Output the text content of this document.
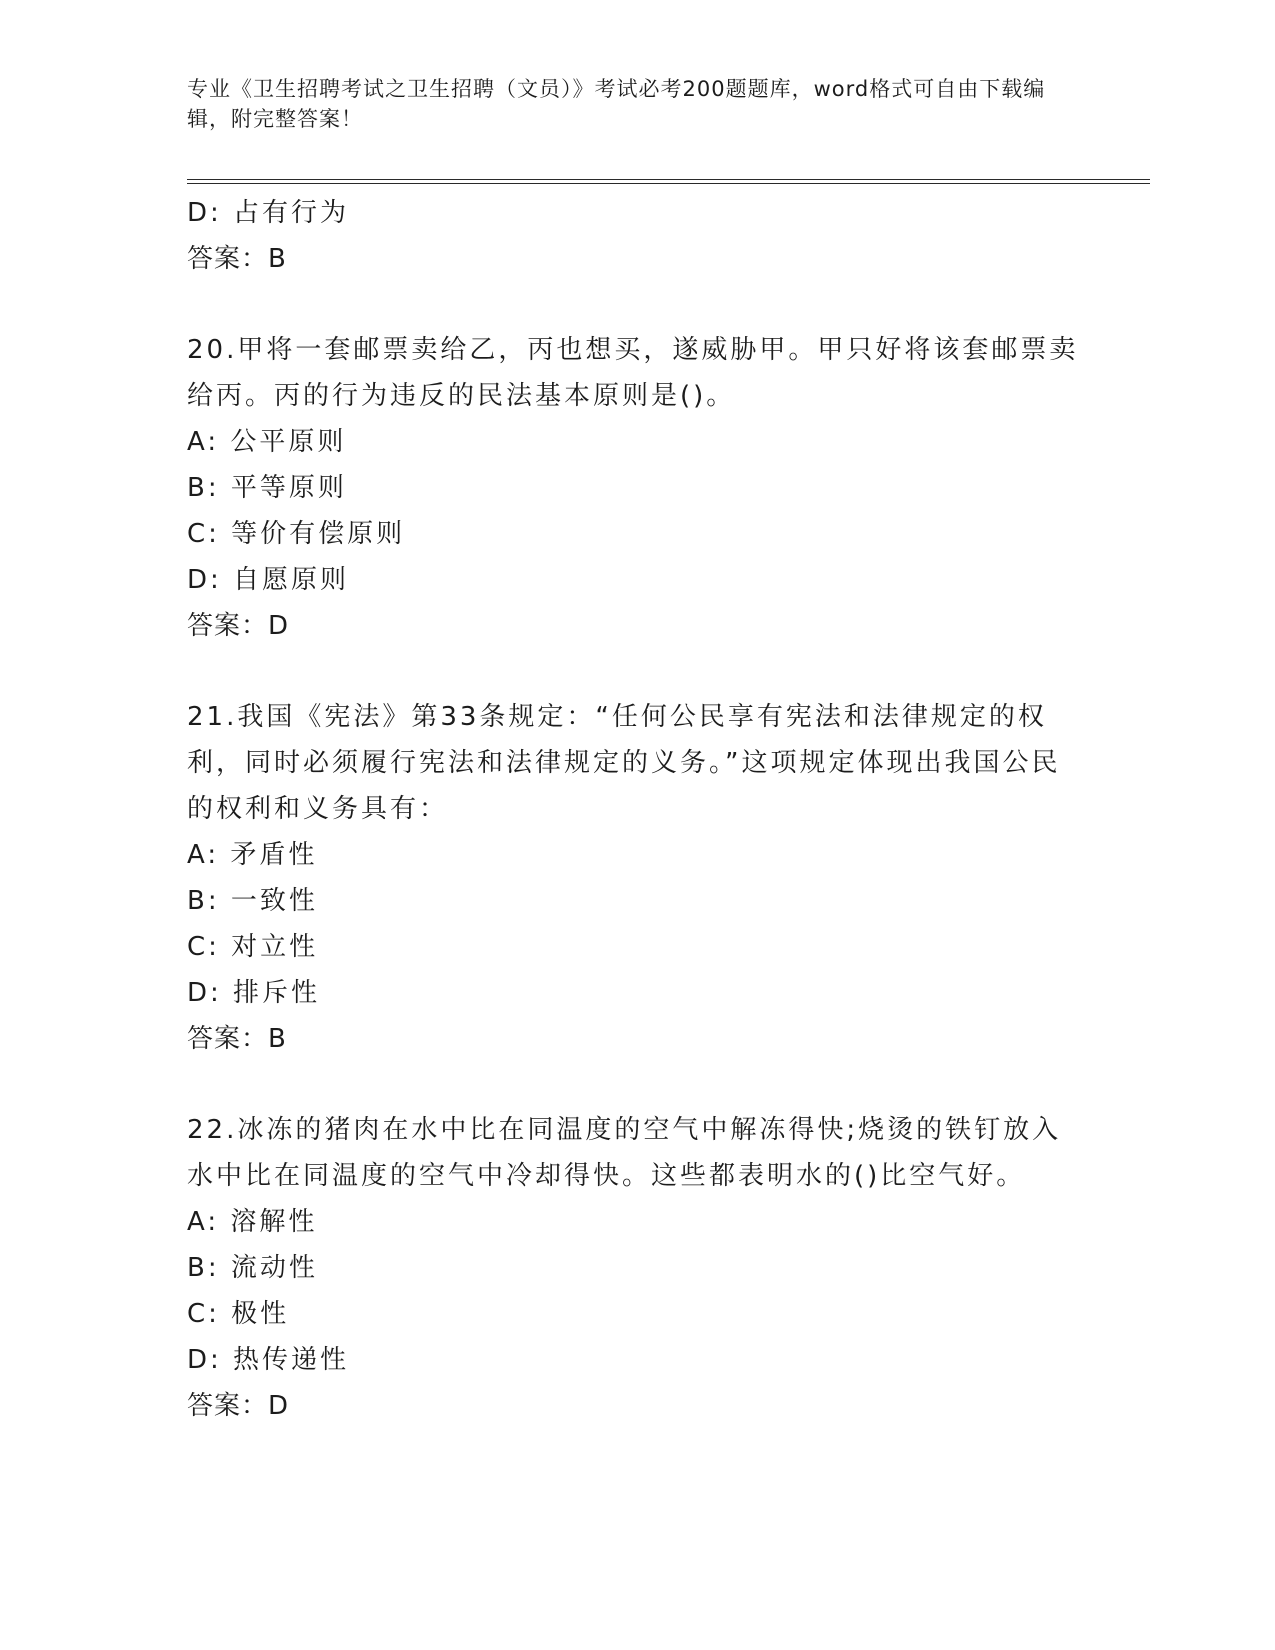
专业《卫生招聘考试之卫生招聘（文员）》考试必考200题题库，word格式可自由下载编辑，附完整答案！

D: 占有行为

答案：B

20.甲将一套邮票卖给乙，丙也想买，遂威胁甲。甲只好将该套邮票卖给丙。丙的行为违反的民法基本原则是()。

A: 公平原则

B: 平等原则

C: 等价有偿原则

D: 自愿原则

答案：D

21.我国《宪法》第33条规定：“任何公民享有宪法和法律规定的权利，同时必须履行宪法和法律规定的义务。”这项规定体现出我国公民的权利和义务具有：

A: 矛盾性

B: 一致性

C: 对立性

D: 排斥性

答案：B

22.冰冻的猪肉在水中比在同温度的空气中解冻得快;烧烫的铁钉放入水中比在同温度的空气中冷却得快。这些都表明水的()比空气好。

A: 溶解性

B: 流动性

C: 极性

D: 热传递性

答案：D
